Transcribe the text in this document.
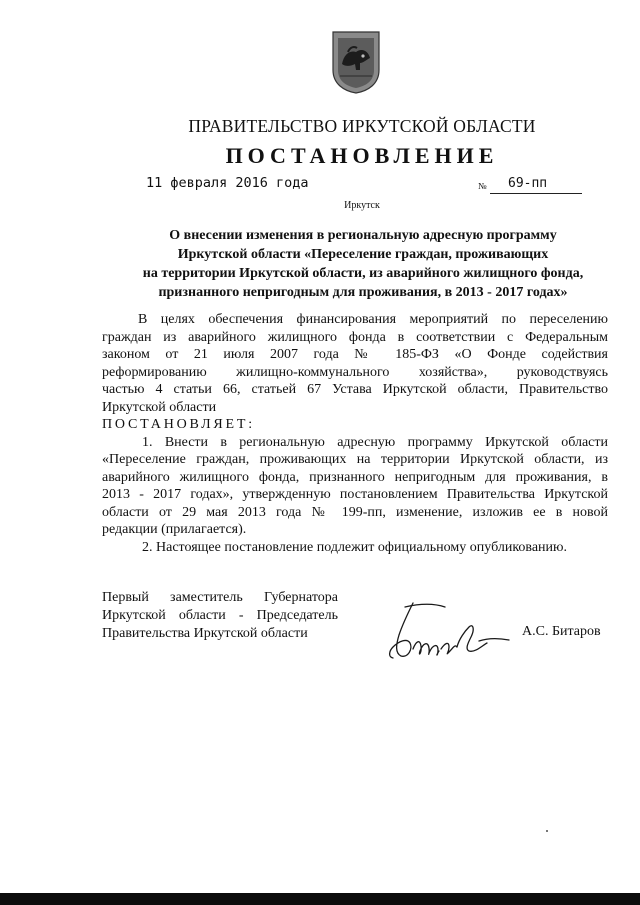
ПРАВИТЕЛЬСТВО ИРКУТСКОЙ ОБЛАСТИ
ПОСТАНОВЛЕНИЕ
11 февраля 2016 года	№ 69-пп
Иркутск
О внесении изменения в региональную адресную программу
Иркутской области «Переселение граждан, проживающих
на территории Иркутской области, из аварийного жилищного фонда,
признанного непригодным для проживания, в 2013 - 2017 годах»
В целях обеспечения финансирования мероприятий по переселению
граждан из аварийного жилищного фонда в соответствии с Федеральным
законом от 21 июля 2007 года № 185-ФЗ «О Фонде содействия
реформированию жилищно-коммунального хозяйства», руководствуясь
частью 4 статьи 66, статьей 67 Устава Иркутской области, Правительство
Иркутской области
ПОСТАНОВЛЯЕТ:
1. Внести в региональную адресную программу Иркутской области
«Переселение граждан, проживающих на территории Иркутской области, из
аварийного жилищного фонда, признанного непригодным для проживания, в
2013 - 2017 годах», утвержденную постановлением Правительства Иркутской
области от 29 мая 2013 года № 199-пп, изменение, изложив ее в новой
редакции (прилагается).
2. Настоящее постановление подлежит официальному опубликованию.
Первый заместитель Губернатора
Иркутской области - Председатель
Правительства Иркутской области	А.С. Битаров
